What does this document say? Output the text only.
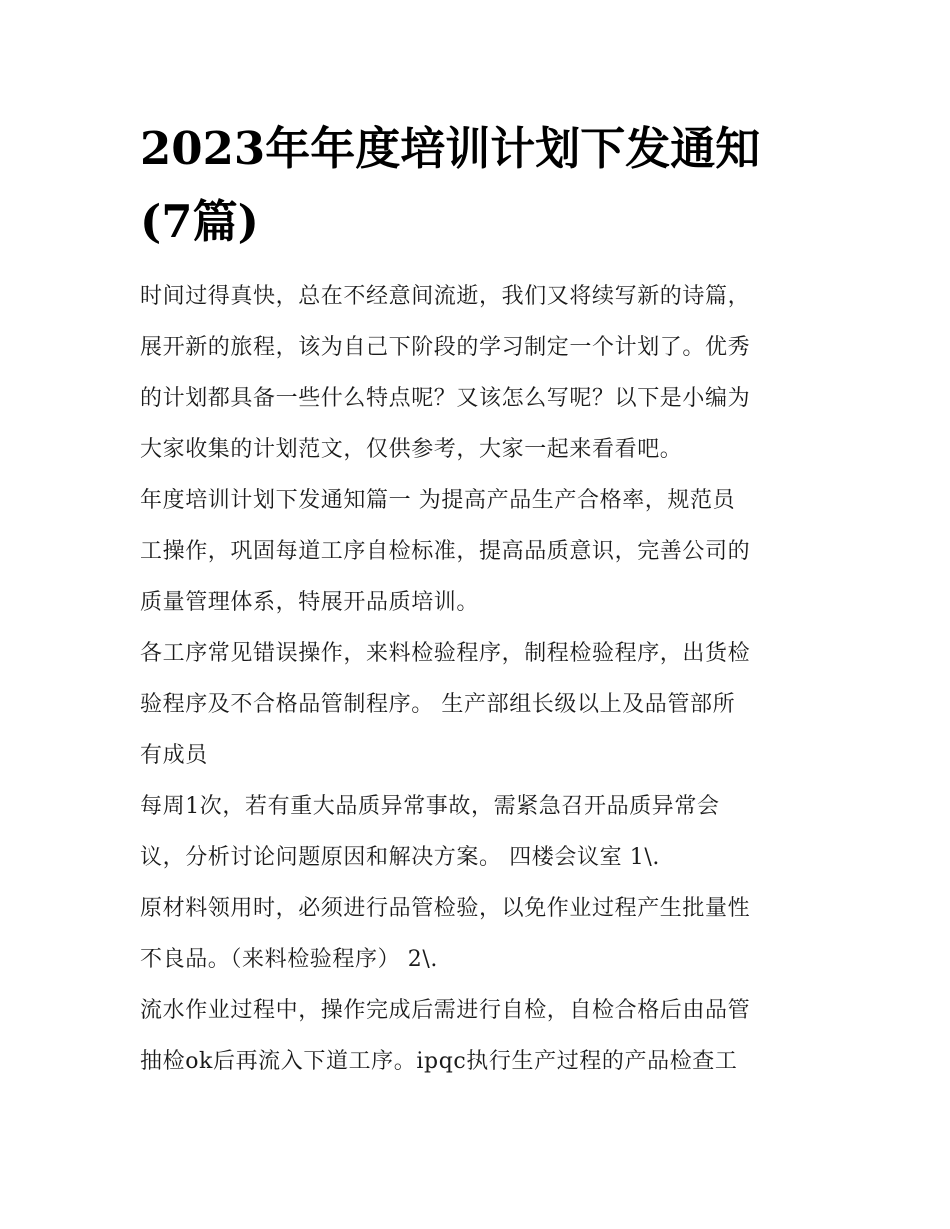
2023年年度培训计划下发通知
(7篇)

时间过得真快，总在不经意间流逝，我们又将续写新的诗篇，
展开新的旅程，该为自己下阶段的学习制定一个计划了。优秀
的计划都具备一些什么特点呢？又该怎么写呢？以下是小编为
大家收集的计划范文，仅供参考，大家一起来看看吧。

年度培训计划下发通知篇一 为提高产品生产合格率，规范员
工操作，巩固每道工序自检标准，提高品质意识，完善公司的
质量管理体系，特展开品质培训。

各工序常见错误操作，来料检验程序，制程检验程序，出货检
验程序及不合格品管制程序。 生产部组长级以上及品管部所
有成员

每周1次，若有重大品质异常事故，需紧急召开品质异常会
议，分析讨论问题原因和解决方案。 四楼会议室 1\.

原材料领用时，必须进行品管检验，以免作业过程产生批量性
不良品。（来料检验程序） 2\.

流水作业过程中，操作完成后需进行自检，自检合格后由品管
抽检ok后再流入下道工序。ipqc执行生产过程的产品检查工
